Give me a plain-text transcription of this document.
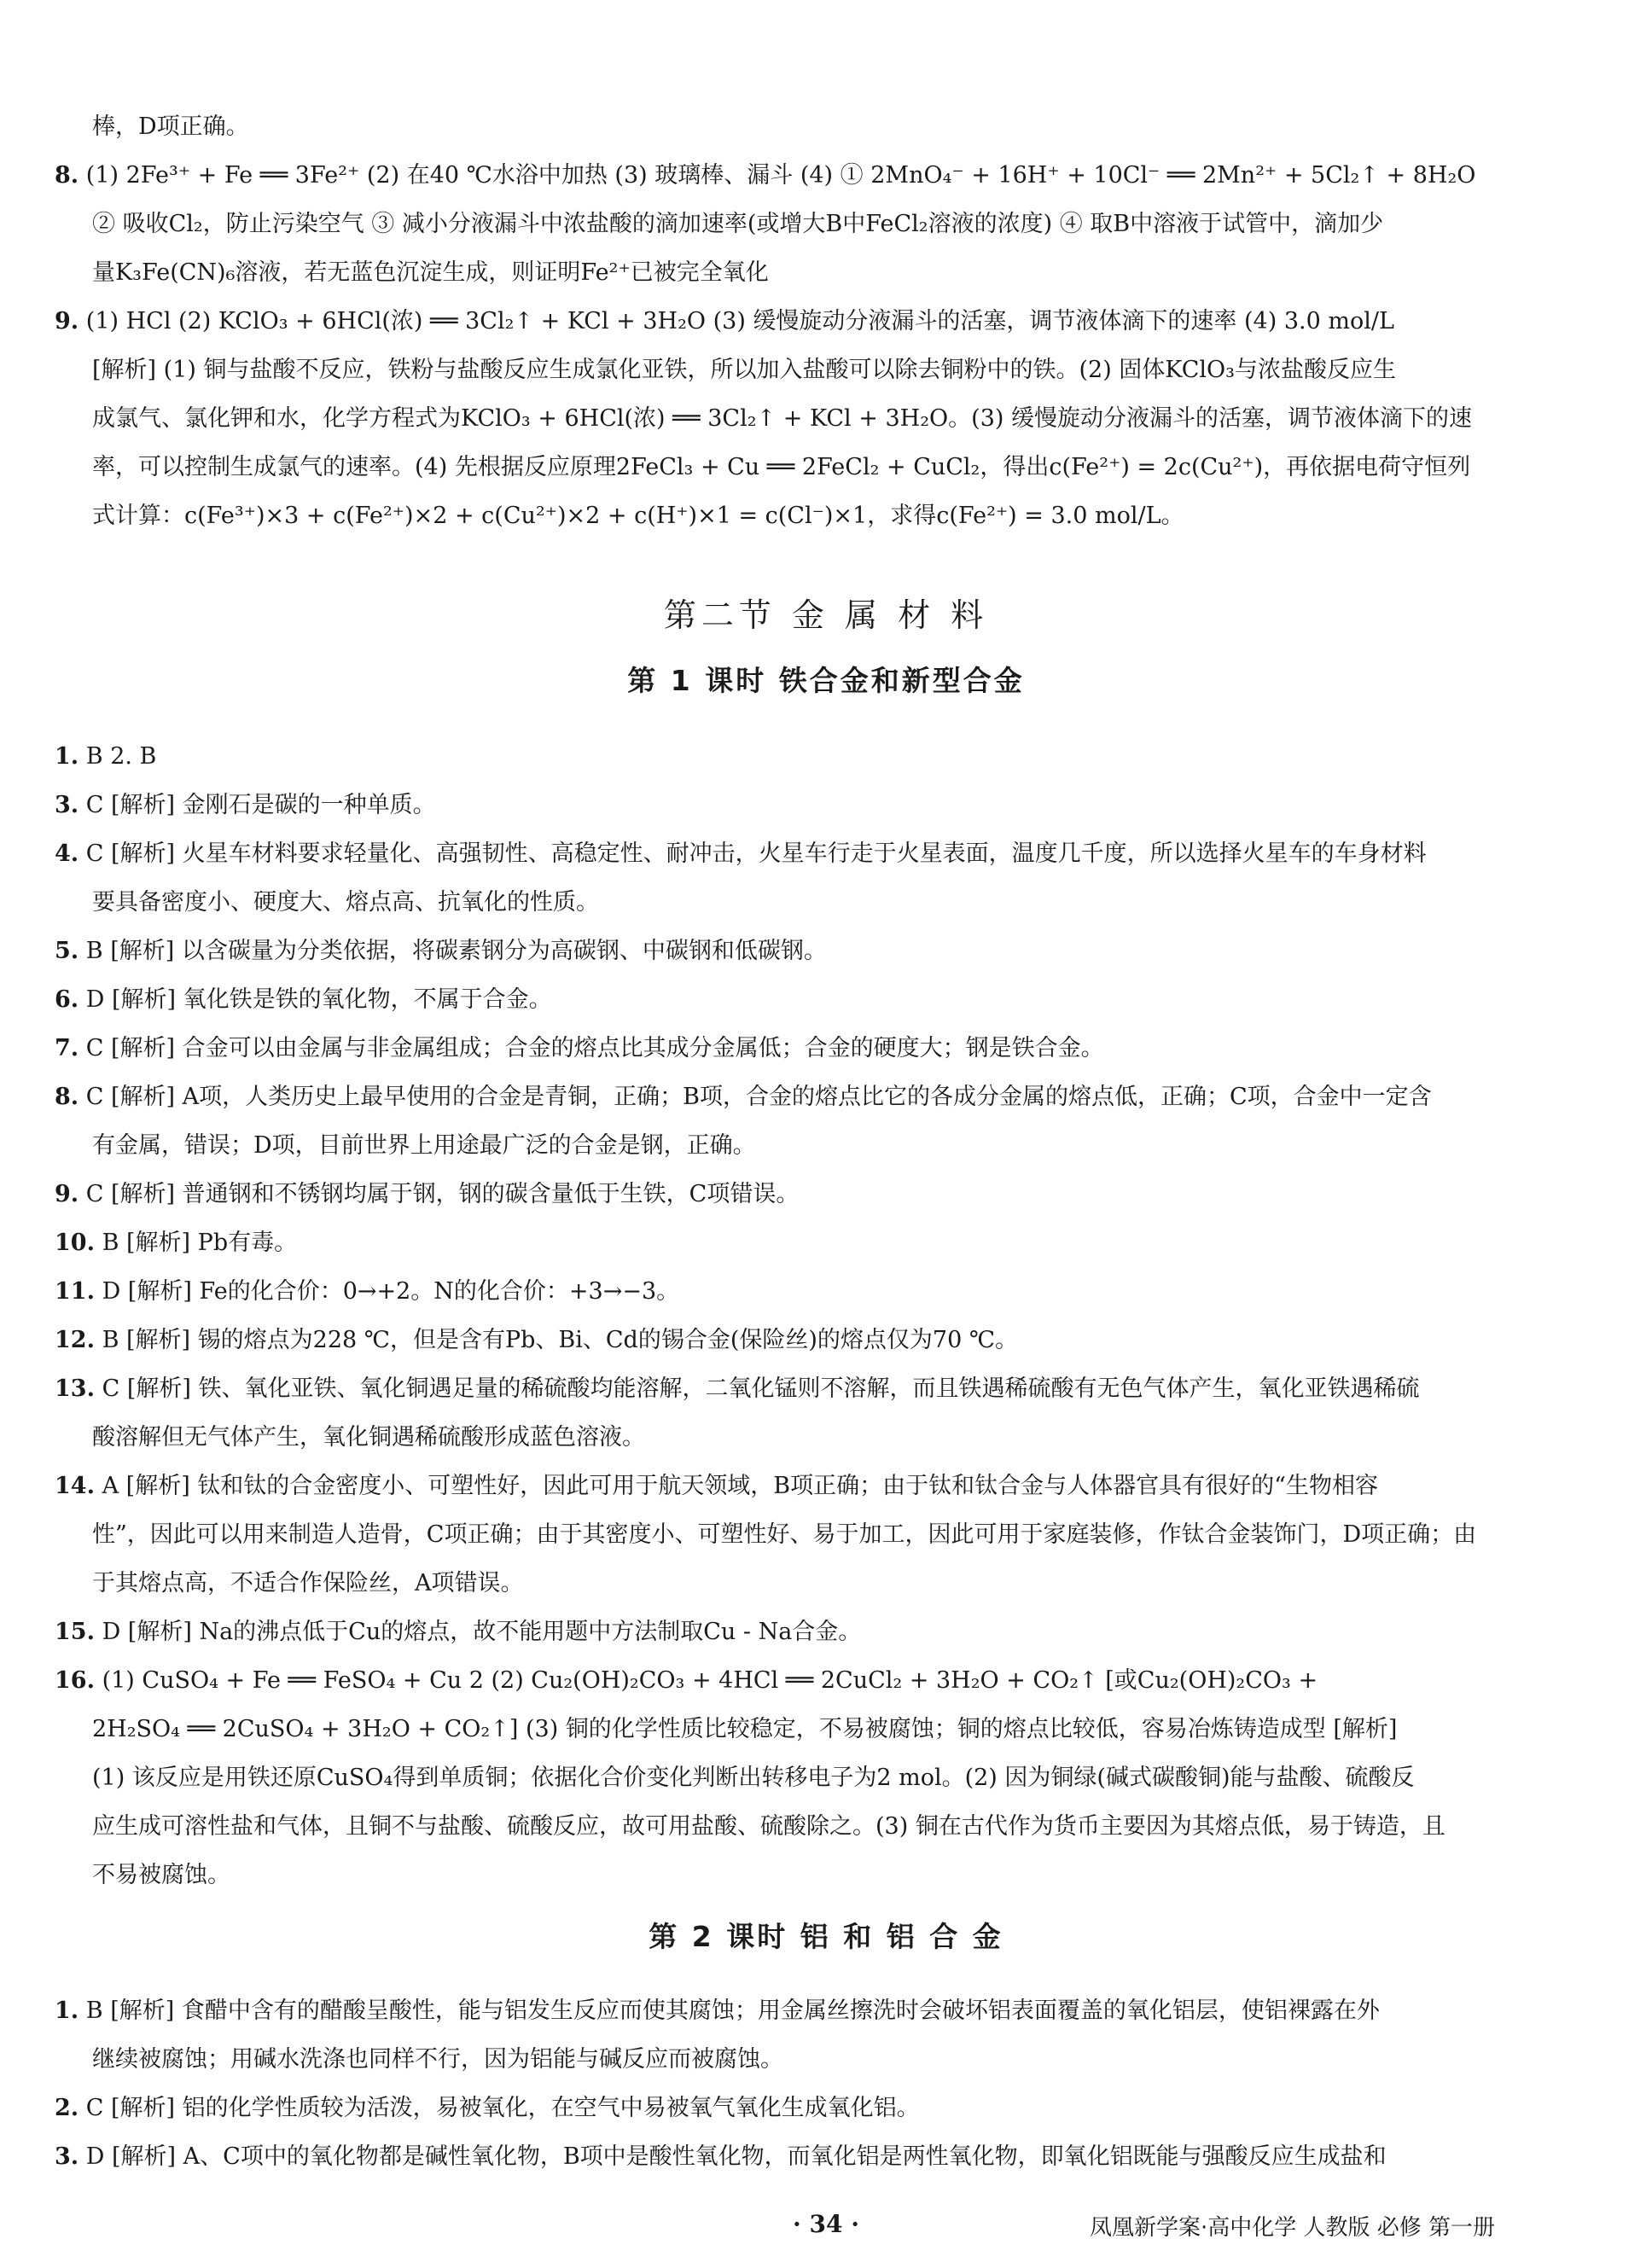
棒，D项正确。
8. (1) 2Fe³⁺ + Fe ══ 3Fe²⁺ (2) 在40 ℃水浴中加热 (3) 玻璃棒、漏斗 (4) ① 2MnO₄⁻ + 16H⁺ + 10Cl⁻ ══ 2Mn²⁺ + 5Cl₂↑ + 8H₂O
② 吸收Cl₂，防止污染空气 ③ 减小分液漏斗中浓盐酸的滴加速率(或增大B中FeCl₂溶液的浓度) ④ 取B中溶液于试管中，滴加少
量K₃Fe(CN)₆溶液，若无蓝色沉淀生成，则证明Fe²⁺已被完全氧化
9. (1) HCl (2) KClO₃ + 6HCl(浓) ══ 3Cl₂↑ + KCl + 3H₂O (3) 缓慢旋动分液漏斗的活塞，调节液体滴下的速率 (4) 3.0 mol/L
[解析] (1) 铜与盐酸不反应，铁粉与盐酸反应生成氯化亚铁，所以加入盐酸可以除去铜粉中的铁。(2) 固体KClO₃与浓盐酸反应生
成氯气、氯化钾和水，化学方程式为KClO₃ + 6HCl(浓) ══ 3Cl₂↑ + KCl + 3H₂O。(3) 缓慢旋动分液漏斗的活塞，调节液体滴下的速
率，可以控制生成氯气的速率。(4) 先根据反应原理2FeCl₃ + Cu ══ 2FeCl₂ + CuCl₂，得出c(Fe²⁺) = 2c(Cu²⁺)，再依据电荷守恒列
式计算：c(Fe³⁺)×3 + c(Fe²⁺)×2 + c(Cu²⁺)×2 + c(H⁺)×1 = c(Cl⁻)×1，求得c(Fe²⁺) = 3.0 mol/L。
第二节 金 属 材 料
第 1 课时 铁合金和新型合金
1. B 2. B
3. C [解析] 金刚石是碳的一种单质。
4. C [解析] 火星车材料要求轻量化、高强韧性、高稳定性、耐冲击，火星车行走于火星表面，温度几千度，所以选择火星车的车身材料
要具备密度小、硬度大、熔点高、抗氧化的性质。
5. B [解析] 以含碳量为分类依据，将碳素钢分为高碳钢、中碳钢和低碳钢。
6. D [解析] 氧化铁是铁的氧化物，不属于合金。
7. C [解析] 合金可以由金属与非金属组成；合金的熔点比其成分金属低；合金的硬度大；钢是铁合金。
8. C [解析] A项，人类历史上最早使用的合金是青铜，正确；B项，合金的熔点比它的各成分金属的熔点低，正确；C项，合金中一定含
有金属，错误；D项，目前世界上用途最广泛的合金是钢，正确。
9. C [解析] 普通钢和不锈钢均属于钢，钢的碳含量低于生铁，C项错误。
10. B [解析] Pb有毒。
11. D [解析] Fe的化合价：0→+2。N的化合价：+3→−3。
12. B [解析] 锡的熔点为228 ℃，但是含有Pb、Bi、Cd的锡合金(保险丝)的熔点仅为70 ℃。
13. C [解析] 铁、氧化亚铁、氧化铜遇足量的稀硫酸均能溶解，二氧化锰则不溶解，而且铁遇稀硫酸有无色气体产生，氧化亚铁遇稀硫
酸溶解但无气体产生，氧化铜遇稀硫酸形成蓝色溶液。
14. A [解析] 钛和钛的合金密度小、可塑性好，因此可用于航天领域，B项正确；由于钛和钛合金与人体器官具有很好的“生物相容
性”，因此可以用来制造人造骨，C项正确；由于其密度小、可塑性好、易于加工，因此可用于家庭装修，作钛合金装饰门，D项正确；由
于其熔点高，不适合作保险丝，A项错误。
15. D [解析] Na的沸点低于Cu的熔点，故不能用题中方法制取Cu - Na合金。
16. (1) CuSO₄ + Fe ══ FeSO₄ + Cu 2 (2) Cu₂(OH)₂CO₃ + 4HCl ══ 2CuCl₂ + 3H₂O + CO₂↑ [或Cu₂(OH)₂CO₃ +
2H₂SO₄ ══ 2CuSO₄ + 3H₂O + CO₂↑] (3) 铜的化学性质比较稳定，不易被腐蚀；铜的熔点比较低，容易冶炼铸造成型 [解析]
(1) 该反应是用铁还原CuSO₄得到单质铜；依据化合价变化判断出转移电子为2 mol。(2) 因为铜绿(碱式碳酸铜)能与盐酸、硫酸反
应生成可溶性盐和气体，且铜不与盐酸、硫酸反应，故可用盐酸、硫酸除之。(3) 铜在古代作为货币主要因为其熔点低，易于铸造，且
不易被腐蚀。
第 2 课时 铝 和 铝 合 金
1. B [解析] 食醋中含有的醋酸呈酸性，能与铝发生反应而使其腐蚀；用金属丝擦洗时会破坏铝表面覆盖的氧化铝层，使铝裸露在外
继续被腐蚀；用碱水洗涤也同样不行，因为铝能与碱反应而被腐蚀。
2. C [解析] 铝的化学性质较为活泼，易被氧化，在空气中易被氧气氧化生成氧化铝。
3. D [解析] A、C项中的氧化物都是碱性氧化物，B项中是酸性氧化物，而氧化铝是两性氧化物，即氧化铝既能与强酸反应生成盐和
· 34 ·	凤凰新学案·高中化学 人教版 必修 第一册
